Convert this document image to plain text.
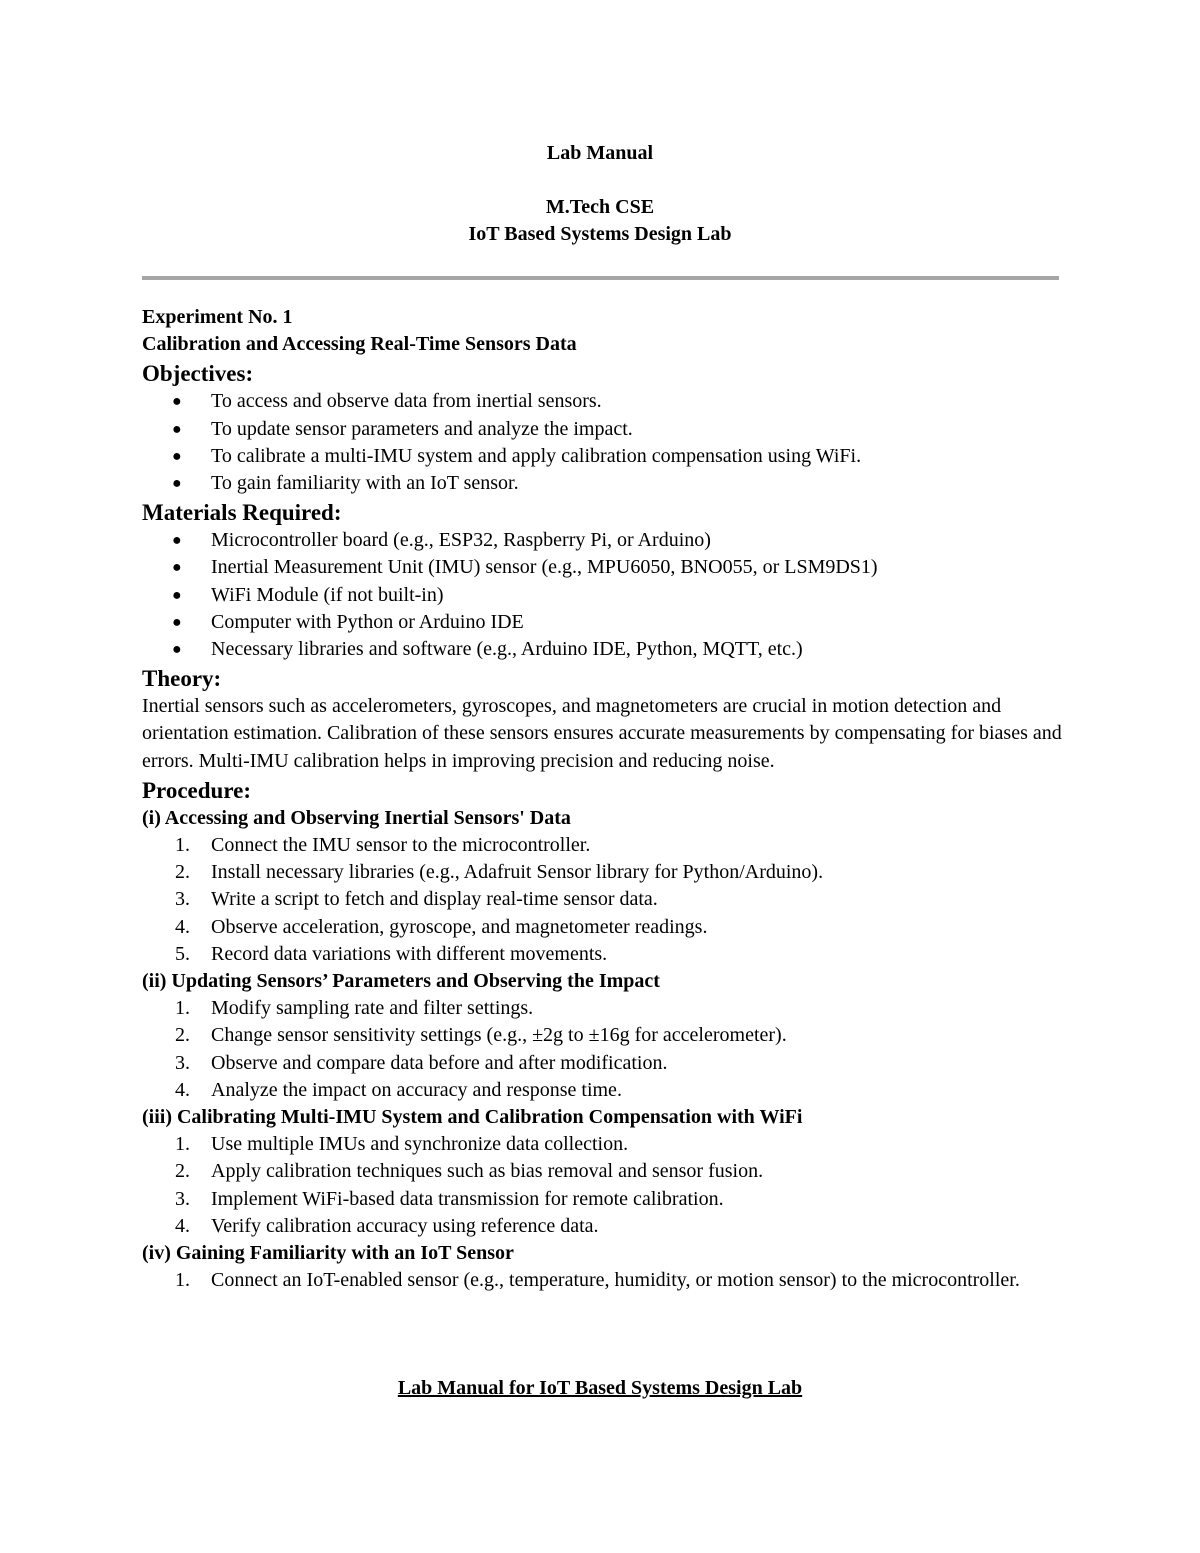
Lab Manual
M.Tech CSE
IoT Based Systems Design Lab
Experiment No. 1
Calibration and Accessing Real-Time Sensors Data
Objectives:
● To access and observe data from inertial sensors.
● To update sensor parameters and analyze the impact.
● To calibrate a multi-IMU system and apply calibration compensation using WiFi.
● To gain familiarity with an IoT sensor.
Materials Required:
● Microcontroller board (e.g., ESP32, Raspberry Pi, or Arduino)
● Inertial Measurement Unit (IMU) sensor (e.g., MPU6050, BNO055, or LSM9DS1)
● WiFi Module (if not built-in)
● Computer with Python or Arduino IDE
● Necessary libraries and software (e.g., Arduino IDE, Python, MQTT, etc.)
Theory:

Inertial sensors such as accelerometers, gyroscopes, and magnetometers are crucial in motion detection and orientation estimation. Calibration of these sensors ensures accurate measurements by compensating for biases and errors. Multi-IMU calibration helps in improving precision and reducing noise.

Procedure:
(i) Accessing and Observing Inertial Sensors' Data
1. Connect the IMU sensor to the microcontroller.
2. Install necessary libraries (e.g., Adafruit Sensor library for Python/Arduino).
3. Write a script to fetch and display real-time sensor data.
4. Observe acceleration, gyroscope, and magnetometer readings.
5. Record data variations with different movements.
(ii) Updating Sensors’ Parameters and Observing the Impact
1. Modify sampling rate and filter settings.
2. Change sensor sensitivity settings (e.g., ±2g to ±16g for accelerometer).
3. Observe and compare data before and after modification.
4. Analyze the impact on accuracy and response time.
(iii) Calibrating Multi-IMU System and Calibration Compensation with WiFi
1. Use multiple IMUs and synchronize data collection.
2. Apply calibration techniques such as bias removal and sensor fusion.
3. Implement WiFi-based data transmission for remote calibration.
4. Verify calibration accuracy using reference data.
(iv) Gaining Familiarity with an IoT Sensor
1. Connect an IoT-enabled sensor (e.g., temperature, humidity, or motion sensor) to the microcontroller.
Lab Manual for IoT Based Systems Design Lab
